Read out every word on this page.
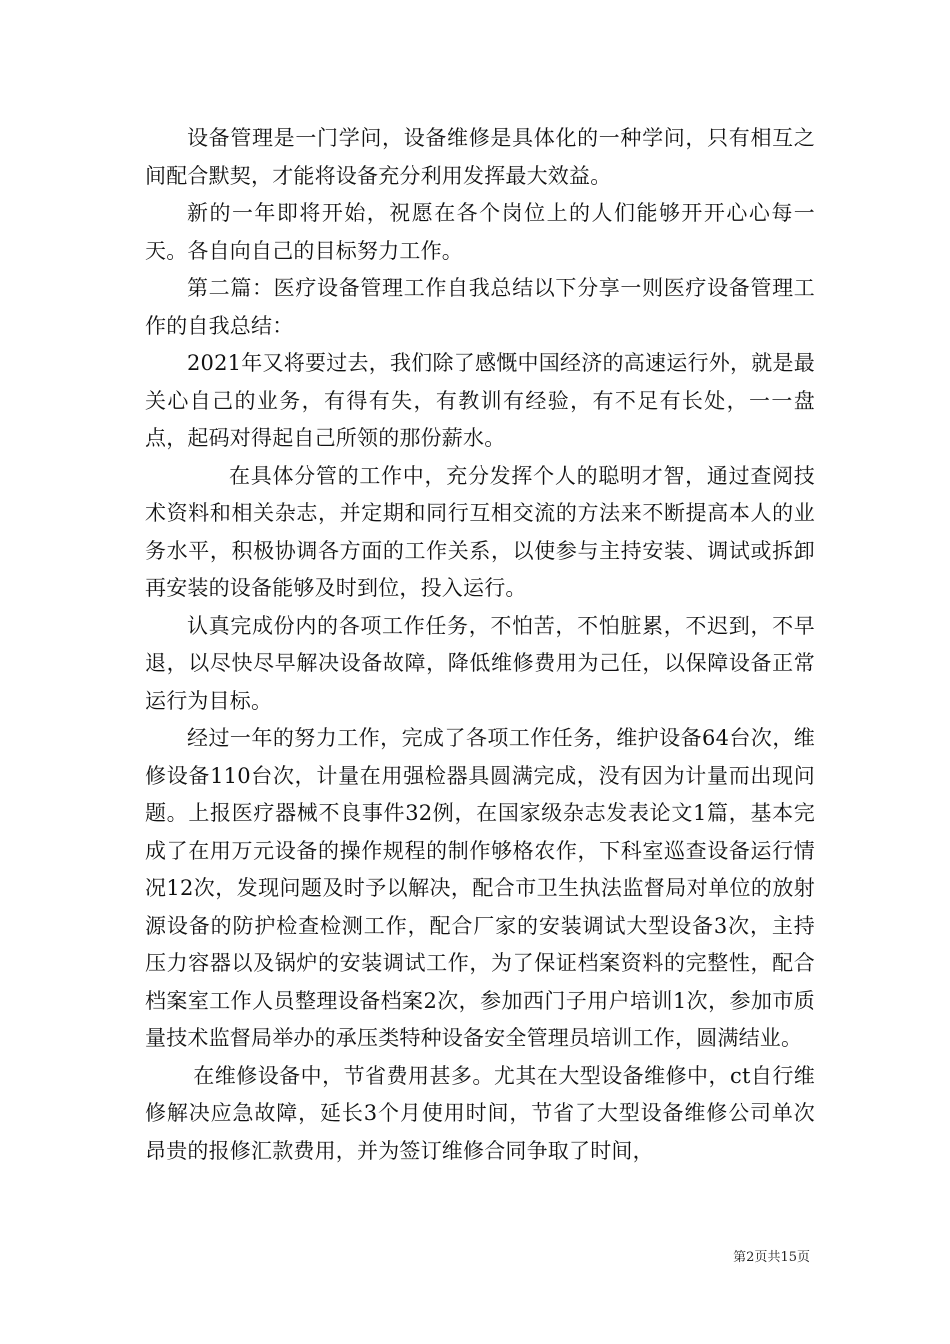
设备管理是一门学问，设备维修是具体化的一种学问，只有相互之间配合默契，才能将设备充分利用发挥最大效益。

新的一年即将开始，祝愿在各个岗位上的人们能够开开心心每一天。各自向自己的目标努力工作。

第二篇：医疗设备管理工作自我总结以下分享一则医疗设备管理工作的自我总结：

2021年又将要过去，我们除了感慨中国经济的高速运行外，就是最关心自己的业务，有得有失，有教训有经验，有不足有长处，一一盘点，起码对得起自己所领的那份薪水。

在具体分管的工作中，充分发挥个人的聪明才智，通过查阅技术资料和相关杂志，并定期和同行互相交流的方法来不断提高本人的业务水平，积极协调各方面的工作关系，以使参与主持安装、调试或拆卸再安装的设备能够及时到位，投入运行。

认真完成份内的各项工作任务，不怕苦，不怕脏累，不迟到，不早退，以尽快尽早解决设备故障，降低维修费用为己任，以保障设备正常运行为目标。

经过一年的努力工作，完成了各项工作任务，维护设备64台次，维修设备110台次，计量在用强检器具圆满完成，没有因为计量而出现问题。上报医疗器械不良事件32例，在国家级杂志发表论文1篇，基本完成了在用万元设备的操作规程的制作够格农作，下科室巡查设备运行情况12次，发现问题及时予以解决，配合市卫生执法监督局对单位的放射源设备的防护检查检测工作，配合厂家的安装调试大型设备3次，主持压力容器以及锅炉的安装调试工作，为了保证档案资料的完整性，配合档案室工作人员整理设备档案2次，参加西门子用户培训1次，参加市质量技术监督局举办的承压类特种设备安全管理员培训工作，圆满结业。

在维修设备中，节省费用甚多。尤其在大型设备维修中，ct自行维修解决应急故障，延长3个月使用时间，节省了大型设备维修公司单次昂贵的报修汇款费用，并为签订维修合同争取了时间，

第2页共15页
